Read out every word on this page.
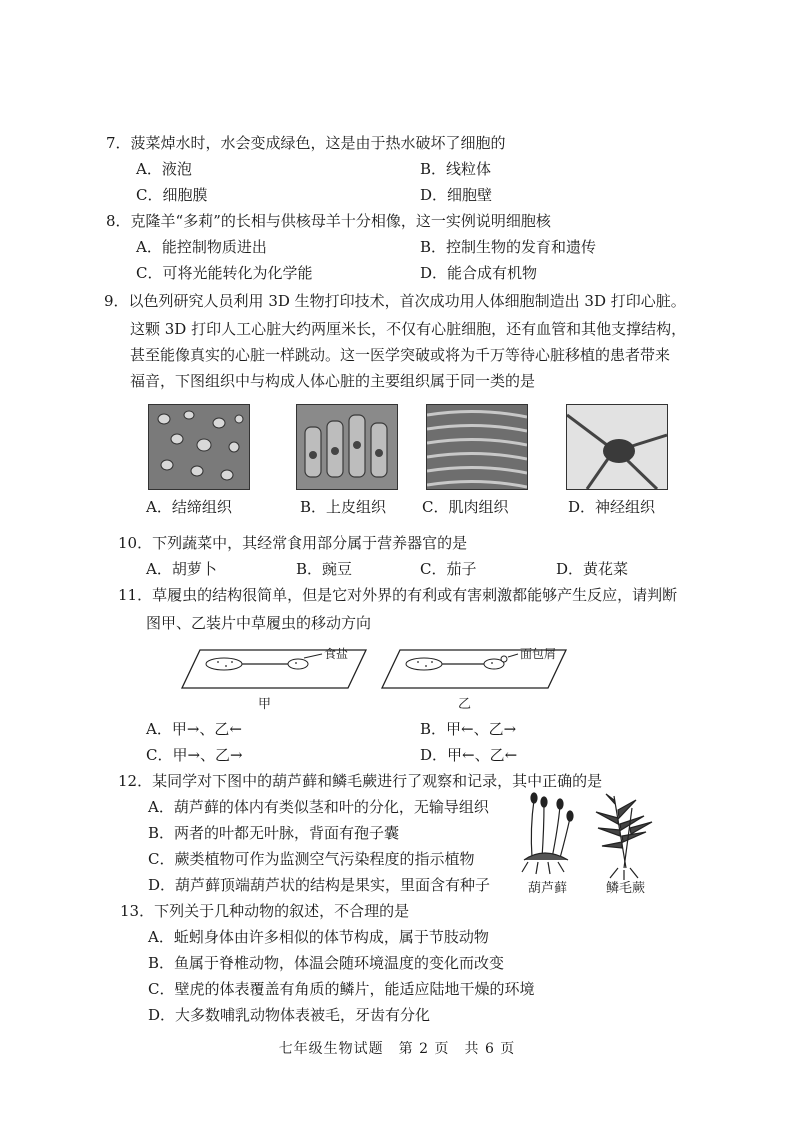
7．菠菜焯水时，水会变成绿色，这是由于热水破坏了细胞的
A．液泡	B．线粒体
C．细胞膜	D．细胞壁
8．克隆羊“多莉”的长相与供核母羊十分相像，这一实例说明细胞核
A．能控制物质进出	B．控制生物的发育和遗传
C．可将光能转化为化学能	D．能合成有机物
9．以色列研究人员利用 3D 生物打印技术，首次成功用人体细胞制造出 3D 打印心脏。
这颗 3D 打印人工心脏大约两厘米长，不仅有心脏细胞，还有血管和其他支撑结构，
甚至能像真实的心脏一样跳动。这一医学突破或将为千万等待心脏移植的患者带来
福音，下图组织中与构成人体心脏的主要组织属于同一类的是
A．结缔组织	B．上皮组织 C．肌肉组织	D．神经组织
10．下列蔬菜中，其经常食用部分属于营养器官的是
A．胡萝卜	B．豌豆	C．茄子	D．黄花菜
11．草履虫的结构很简单，但是它对外界的有利或有害刺激都能够产生反应，请判断
图甲、乙装片中草履虫的移动方向
食盐
甲
面包屑
乙
A．甲→、乙←	B．甲←、乙→
C．甲→、乙→	D．甲←、乙←
12．某同学对下图中的葫芦藓和鳞毛蕨进行了观察和记录，其中正确的是
A．葫芦藓的体内有类似茎和叶的分化，无输导组织
B．两者的叶都无叶脉，背面有孢子囊
C．蕨类植物可作为监测空气污染程度的指示植物
D．葫芦藓顶端葫芦状的结构是果实，里面含有种子	葫芦藓	鳞毛蕨
13．下列关于几种动物的叙述，不合理的是
A．蚯蚓身体由许多相似的体节构成，属于节肢动物
B．鱼属于脊椎动物，体温会随环境温度的变化而改变
C．壁虎的体表覆盖有角质的鳞片，能适应陆地干燥的环境
D．大多数哺乳动物体表被毛，牙齿有分化
七年级生物试题　第 2 页　共 6 页
